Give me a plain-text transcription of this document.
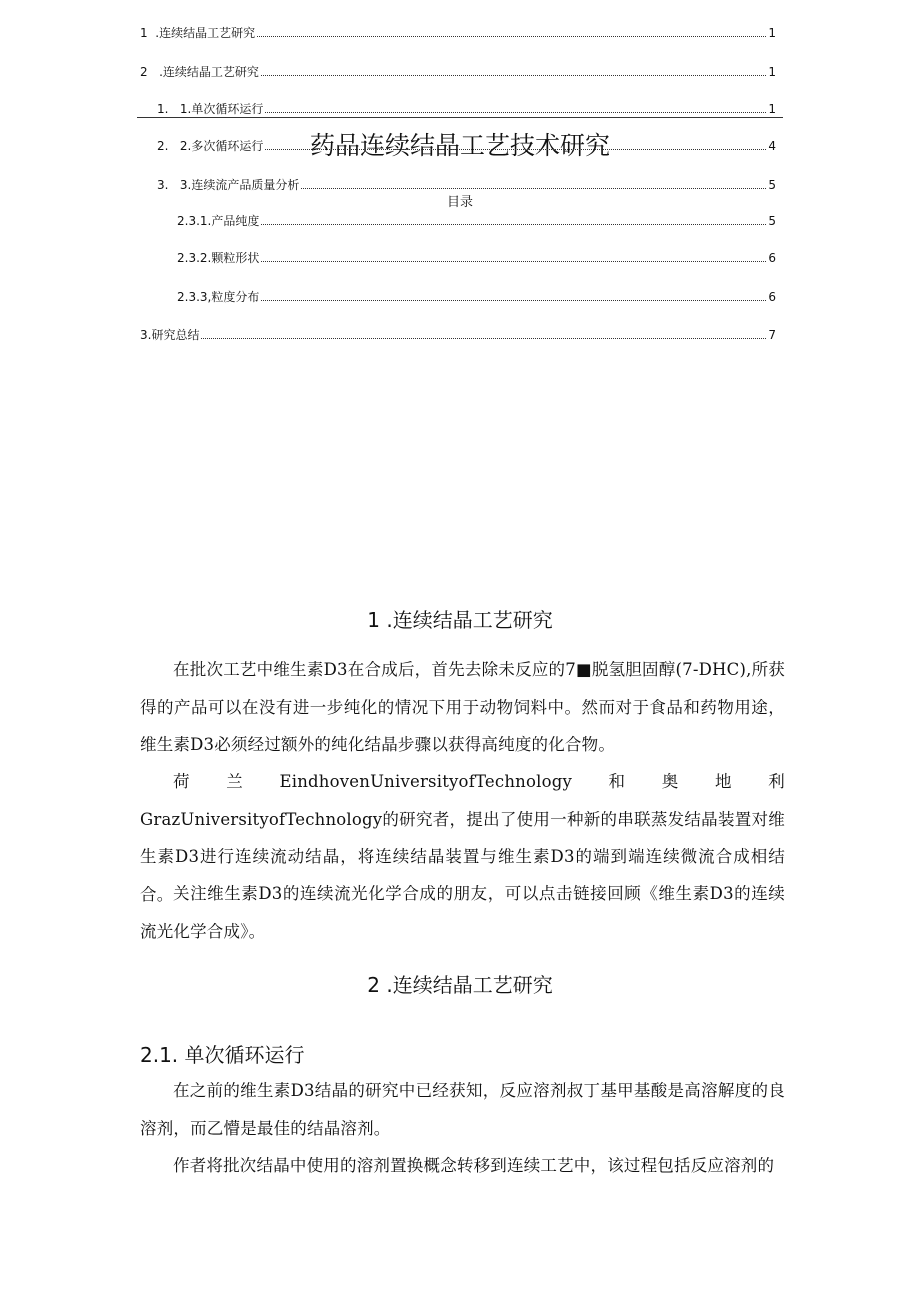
药品连续结晶工艺技术研究
目录
1  .连续结晶工艺研究	1
2   .连续结晶工艺研究	1
1.   1.单次循环运行	1
2.   2.多次循环运行	4
3.   3.连续流产品质量分析	5
2.3.1.产品纯度	5
2.3.2.颗粒形状	6
2.3.3,粒度分布	6
3.研究总结	7
1 .连续结晶工艺研究
在批次工艺中维生素D3在合成后，首先去除未反应的7■脱氢胆固醇(7-DHC),所获得的产品可以在没有进一步纯化的情况下用于动物饲料中。然而对于食品和药物用途，维生素D3必须经过额外的纯化结晶步骤以获得高纯度的化合物。
荷兰EindhovenUniversityofTechnology和奥地利GrazUniversityofTechnology的研究者，提出了使用一种新的串联蒸发结晶装置对维生素D3进行连续流动结晶，将连续结晶装置与维生素D3的端到端连续微流合成相结合。 关注维生素D3的连续流光化学合成的朋友，可以点击链接回顾《维生素D3的连续流光化学合成》。
2 .连续结晶工艺研究
2.1. 单次循环运行
在之前的维生素D3结晶的研究中已经获知，反应溶剂叔丁基甲基酸是高溶解度的良溶剂，而乙懵是最佳的结晶溶剂。
作者将批次结晶中使用的溶剂置换概念转移到连续工艺中，该过程包括反应溶剂的
